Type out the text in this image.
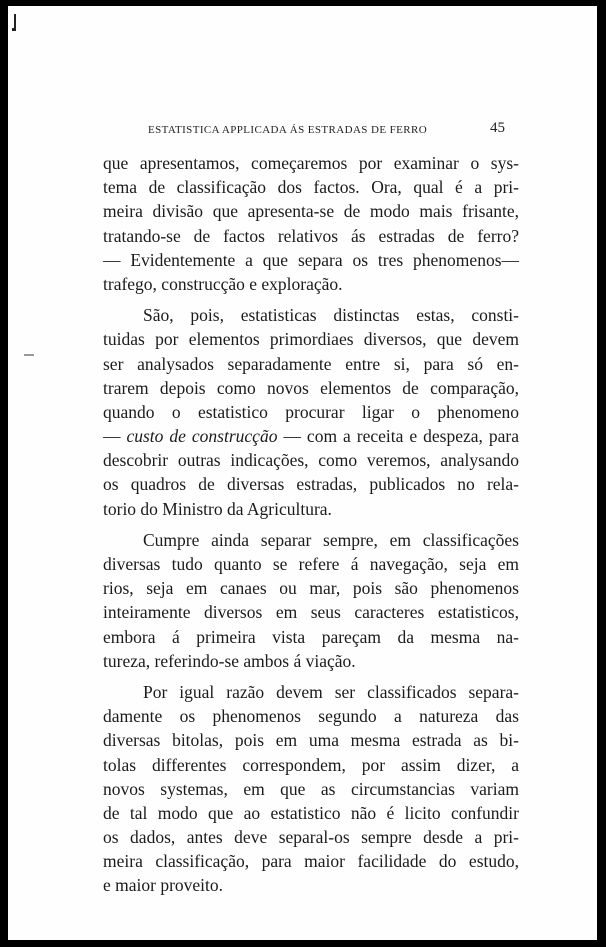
ESTATISTICA APPLICADA ÁS ESTRADAS DE FERRO	45
que apresentamos, começaremos por examinar o sys-
tema de classificação dos factos. Ora, qual é a pri-
meira divisão que apresenta-se de modo mais frisante,
tratando-se de factos relativos ás estradas de ferro?
— Evidentemente a que separa os tres phenomenos—
trafego, construcção e exploração.
São, pois, estatisticas distinctas estas, consti-
tuidas por elementos primordiaes diversos, que devem
ser analysados separadamente entre si, para só en-
trarem depois como novos elementos de comparação,
quando o estatistico procurar ligar o phenomeno
— custo de construcção — com a receita e despeza, para
descobrir outras indicações, como veremos, analysando
os quadros de diversas estradas, publicados no rela-
torio do Ministro da Agricultura.
Cumpre ainda separar sempre, em classificações
diversas tudo quanto se refere á navegação, seja em
rios, seja em canaes ou mar, pois são phenomenos
inteiramente diversos em seus caracteres estatisticos,
embora á primeira vista pareçam da mesma na-
tureza, referindo-se ambos á viação.
Por igual razão devem ser classificados separa-
damente os phenomenos segundo a natureza das
diversas bitolas, pois em uma mesma estrada as bi-
tolas differentes correspondem, por assim dizer, a
novos systemas, em que as circumstancias variam
de tal modo que ao estatistico não é licito confundir
os dados, antes deve separal-os sempre desde a pri-
meira classificação, para maior facilidade do estudo,
e maior proveito.
